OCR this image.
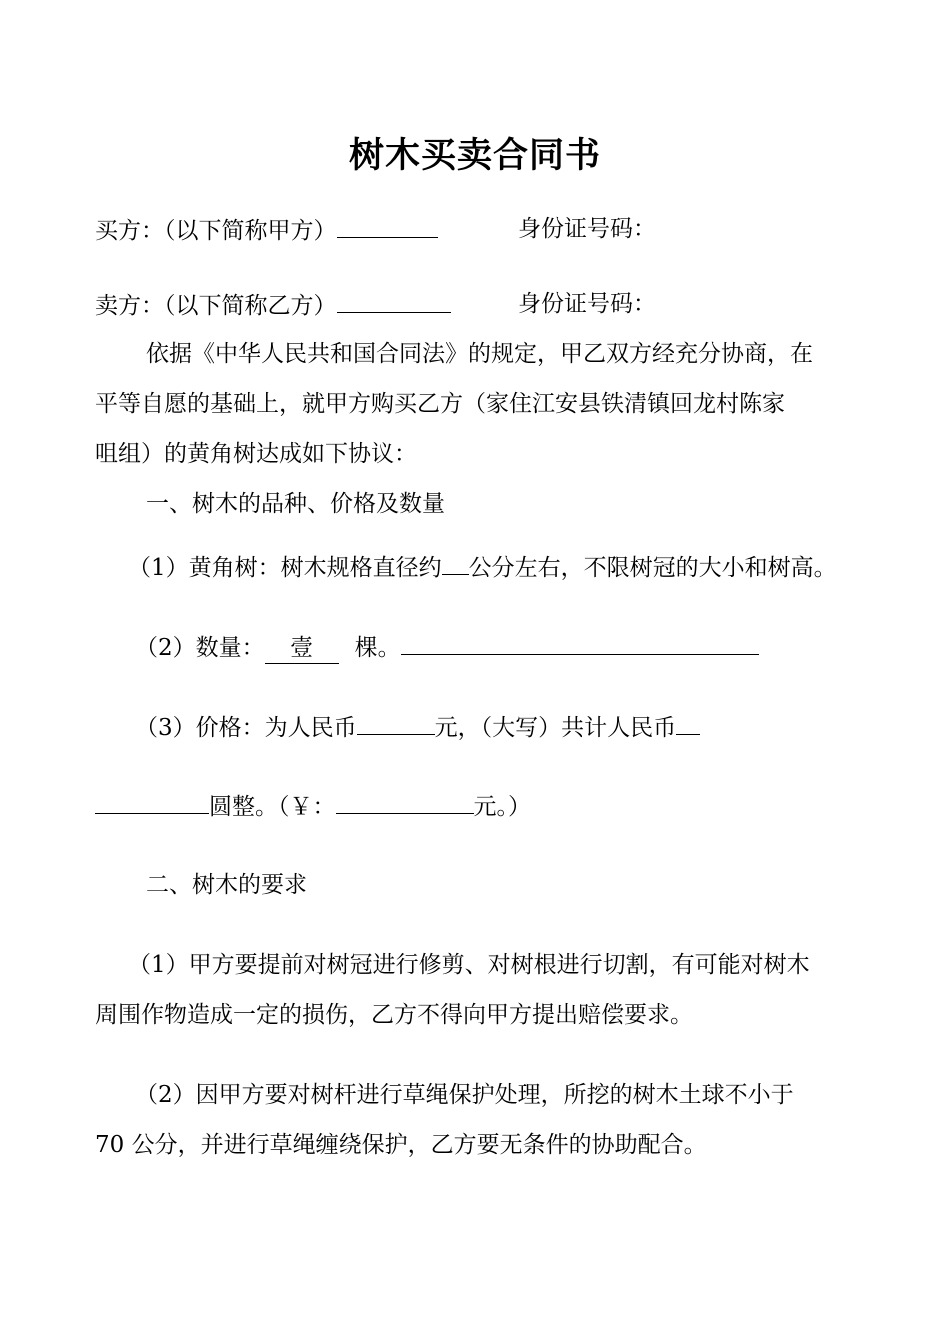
树木买卖合同书
买方：（以下简称甲方）	身份证号码：
卖方：（以下简称乙方）	身份证号码：
依据《中华人民共和国合同法》的规定，甲乙双方经充分协商，在
平等自愿的基础上，就甲方购买乙方（家住江安县铁清镇回龙村陈家
咀组）的黄角树达成如下协议：
一、树木的品种、价格及数量
（1）黄角树：树木规格直径约 公分左右，不限树冠的大小和树高。
（2）数量： 壹 棵。
（3）价格：为人民币	元，（大写）共计人民币
圆整。（￥：	元。）
二、树木的要求
（1）甲方要提前对树冠进行修剪、对树根进行切割，有可能对树木
周围作物造成一定的损伤，乙方不得向甲方提出赔偿要求。
（2）因甲方要对树杆进行草绳保护处理，所挖的树木土球不小于
70 公分，并进行草绳缠绕保护，乙方要无条件的协助配合。
